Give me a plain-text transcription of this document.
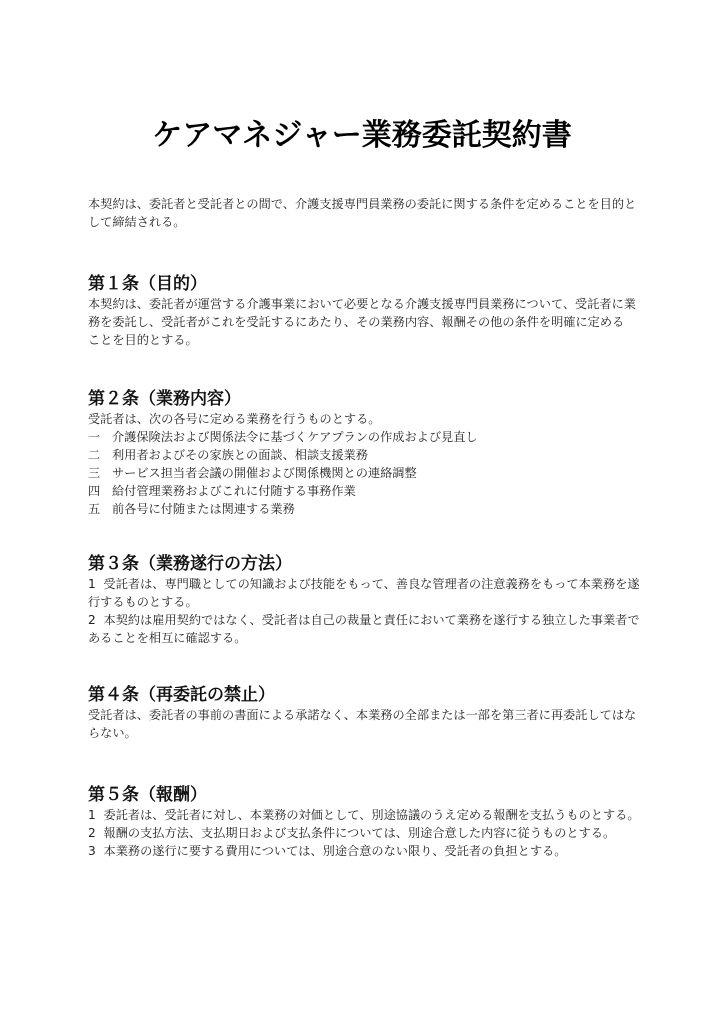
ケアマネジャー業務委託契約書

本契約は、委託者と受託者との間で、介護支援専門員業務の委託に関する条件を定めることを目的として締結される。

第１条（目的）

本契約は、委託者が運営する介護事業において必要となる介護支援専門員業務について、受託者に業務を委託し、受託者がこれを受託するにあたり、その業務内容、報酬その他の条件を明確に定めることを目的とする。

第２条（業務内容）

受託者は、次の各号に定める業務を行うものとする。

一 介護保険法および関係法令に基づくケアプランの作成および見直し
二 利用者およびその家族との面談、相談支援業務
三 サービス担当者会議の開催および関係機関との連絡調整
四 給付管理業務およびこれに付随する事務作業
五 前各号に付随または関連する業務
第３条（業務遂行の方法）

1 受託者は、専門職としての知識および技能をもって、善良な管理者の注意義務をもって本業務を遂行するものとする。

2 本契約は雇用契約ではなく、受託者は自己の裁量と責任において業務を遂行する独立した事業者であることを相互に確認する。

第４条（再委託の禁止）

受託者は、委託者の事前の書面による承諾なく、本業務の全部または一部を第三者に再委託してはならない。

第５条（報酬）

1 委託者は、受託者に対し、本業務の対価として、別途協議のうえ定める報酬を支払うものとする。

2 報酬の支払方法、支払期日および支払条件については、別途合意した内容に従うものとする。

3 本業務の遂行に要する費用については、別途合意のない限り、受託者の負担とする。
